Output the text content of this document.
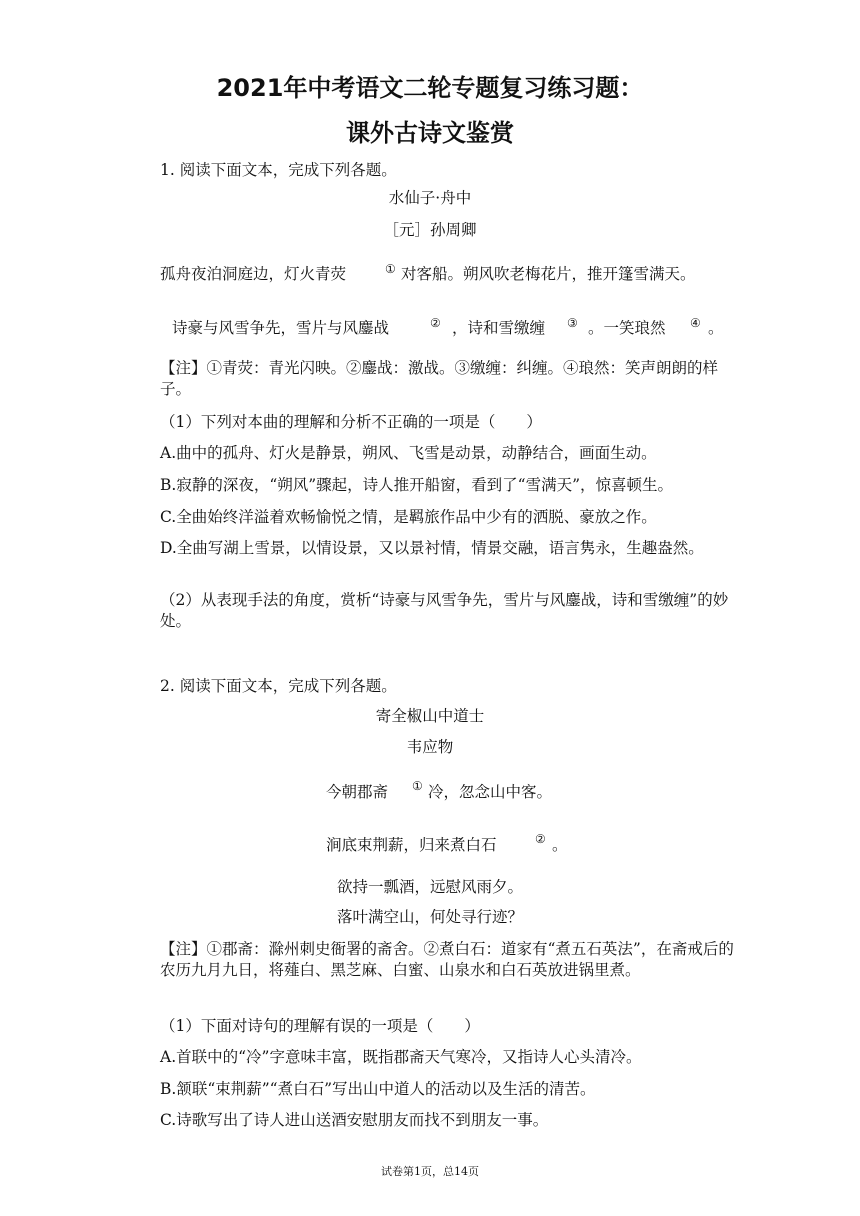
2021年中考语文二轮专题复习练习题：
课外古诗文鉴赏
1. 阅读下面文本，完成下列各题。
水仙子·舟中
［元］孙周卿
孤舟夜泊洞庭边，灯火青荧	① 对客船。朔风吹老梅花片，推开篷雪满天。
诗豪与风雪争先，雪片与风鏖战	② ，诗和雪缴缠 ③ 。一笑琅然 ④ 。
【注】①青荧：青光闪映。②鏖战：激战。③缴缠：纠缠。④琅然：笑声朗朗的样子。
（1）下列对本曲的理解和分析不正确的一项是（　　）
A.曲中的孤舟、灯火是静景，朔风、飞雪是动景，动静结合，画面生动。
B.寂静的深夜，“朔风”骤起，诗人推开船窗，看到了“雪满天”，惊喜顿生。
C.全曲始终洋溢着欢畅愉悦之情，是羁旅作品中少有的洒脱、豪放之作。
D.全曲写湖上雪景，以情设景，又以景衬情，情景交融，语言隽永，生趣盎然。
（2）从表现手法的角度，赏析“诗豪与风雪争先，雪片与风鏖战，诗和雪缴缠”的妙处。
2. 阅读下面文本，完成下列各题。
寄全椒山中道士
韦应物
今朝郡斋 ① 冷，忽念山中客。
涧底束荆薪，归来煮白石	② 。
欲持一瓢酒，远慰风雨夕。
落叶满空山，何处寻行迹？
【注】①郡斋：滁州刺史衙署的斋舍。②煮白石：道家有“煮五石英法”，在斋戒后的农历九月九日，将薤白、黑芝麻、白蜜、山泉水和白石英放进锅里煮。
（1）下面对诗句的理解有误的一项是（　　）
A.首联中的“冷”字意味丰富，既指郡斋天气寒冷，又指诗人心头清冷。
B.颔联“束荆薪”“煮白石”写出山中道人的活动以及生活的清苦。
C.诗歌写出了诗人进山送酒安慰朋友而找不到朋友一事。
试卷第1页，总14页
